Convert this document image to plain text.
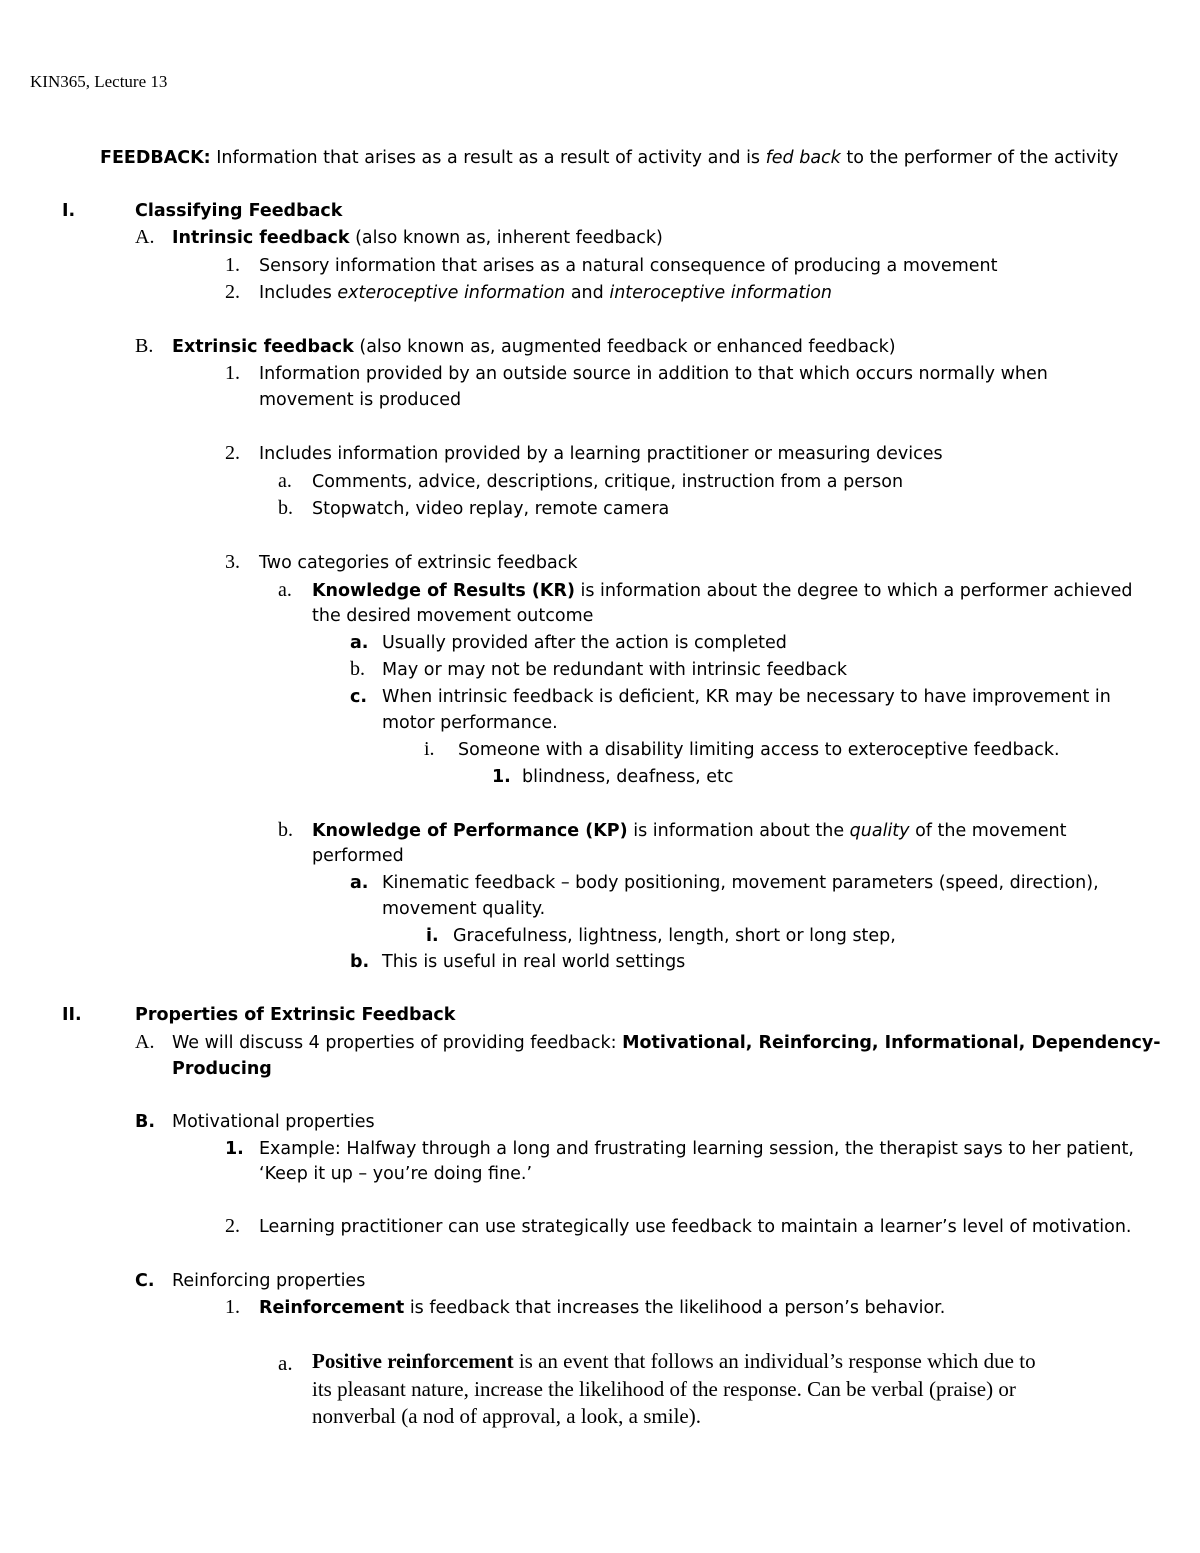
KIN365, Lecture 13
FEEDBACK: Information that arises as a result as a result of activity and is fed back to the performer of the activity
I.	Classifying Feedback
A. Intrinsic feedback (also known as, inherent feedback)
1. Sensory information that arises as a natural consequence of producing a movement
2. Includes exteroceptive information and interoceptive information
B. Extrinsic feedback (also known as, augmented feedback or enhanced feedback)
1. Information provided by an outside source in addition to that which occurs normally when
movement is produced
2. Includes information provided by a learning practitioner or measuring devices
a. Comments, advice, descriptions, critique, instruction from a person
b. Stopwatch, video replay, remote camera
3. Two categories of extrinsic feedback
a. Knowledge of Results (KR) is information about the degree to which a performer achieved
the desired movement outcome
a. Usually provided after the action is completed
b. May or may not be redundant with intrinsic feedback
c. When intrinsic feedback is deficient, KR may be necessary to have improvement in
motor performance.
i. Someone with a disability limiting access to exteroceptive feedback.
1. blindness, deafness, etc
b. Knowledge of Performance (KP) is information about the quality of the movement
performed
a. Kinematic feedback – body positioning, movement parameters (speed, direction),
movement quality.
i. Gracefulness, lightness, length, short or long step,
b. This is useful in real world settings
II.	Properties of Extrinsic Feedback
A. We will discuss 4 properties of providing feedback: Motivational, Reinforcing, Informational, Dependency-
Producing
B. Motivational properties
1. Example: Halfway through a long and frustrating learning session, the therapist says to her patient,
‘Keep it up – you’re doing fine.’
2. Learning practitioner can use strategically use feedback to maintain a learner’s level of motivation.
C. Reinforcing properties
1. Reinforcement is feedback that increases the likelihood a person’s behavior.
a. Positive reinforcement is an event that follows an individual’s response which due to
its pleasant nature, increase the likelihood of the response. Can be verbal (praise) or
nonverbal (a nod of approval, a look, a smile).
